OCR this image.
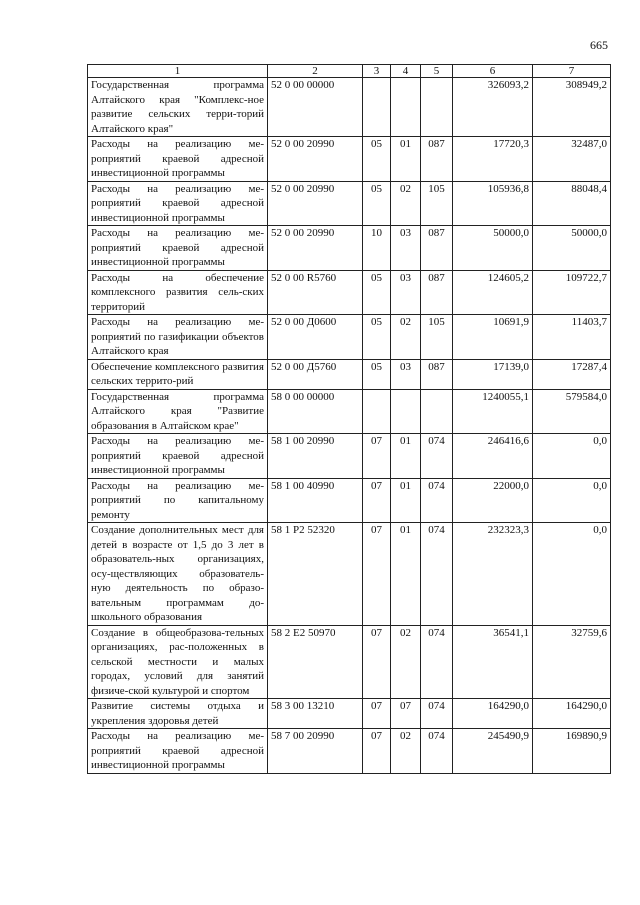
665
1	2	3	4	5	6	7
Государственная программа Алтайского края "Комплекс-ное развитие сельских терри-торий Алтайского края"	52 0 00 00000				326093,2	308949,2
Расходы на реализацию ме-роприятий краевой адресной инвестиционной программы	52 0 00 20990	05	01	087	17720,3	32487,0
Расходы на реализацию ме-роприятий краевой адресной инвестиционной программы	52 0 00 20990	05	02	105	105936,8	88048,4
Расходы на реализацию ме-роприятий краевой адресной инвестиционной программы	52 0 00 20990	10	03	087	50000,0	50000,0
Расходы на обеспечение комплексного развития сель-ских территорий	52 0 00 R5760	05	03	087	124605,2	109722,7
Расходы на реализацию ме-роприятий по газификации объектов Алтайского края	52 0 00 Д0600	05	02	105	10691,9	11403,7
Обеспечение комплексного развития сельских террито-рий	52 0 00 Д5760	05	03	087	17139,0	17287,4
Государственная программа Алтайского края "Развитие образования в Алтайском крае"	58 0 00 00000				1240055,1	579584,0
Расходы на реализацию ме-роприятий краевой адресной инвестиционной программы	58 1 00 20990	07	01	074	246416,6	0,0
Расходы на реализацию ме-роприятий по капитальному ремонту	58 1 00 40990	07	01	074	22000,0	0,0
Создание дополнительных мест для детей в возрасте от 1,5 до 3 лет в образователь-ных организациях, осу-ществляющих образователь-ную деятельность по образо-вательным программам до-школьного образования	58 1 P2 52320	07	01	074	232323,3	0,0
Создание в общеобразова-тельных организациях, рас-положенных в сельской местности и малых городах, условий для занятий физиче-ской культурой и спортом	58 2 E2 50970	07	02	074	36541,1	32759,6
Развитие системы отдыха и укрепления здоровья детей	58 3 00 13210	07	07	074	164290,0	164290,0
Расходы на реализацию ме-роприятий краевой адресной инвестиционной программы	58 7 00 20990	07	02	074	245490,9	169890,9
